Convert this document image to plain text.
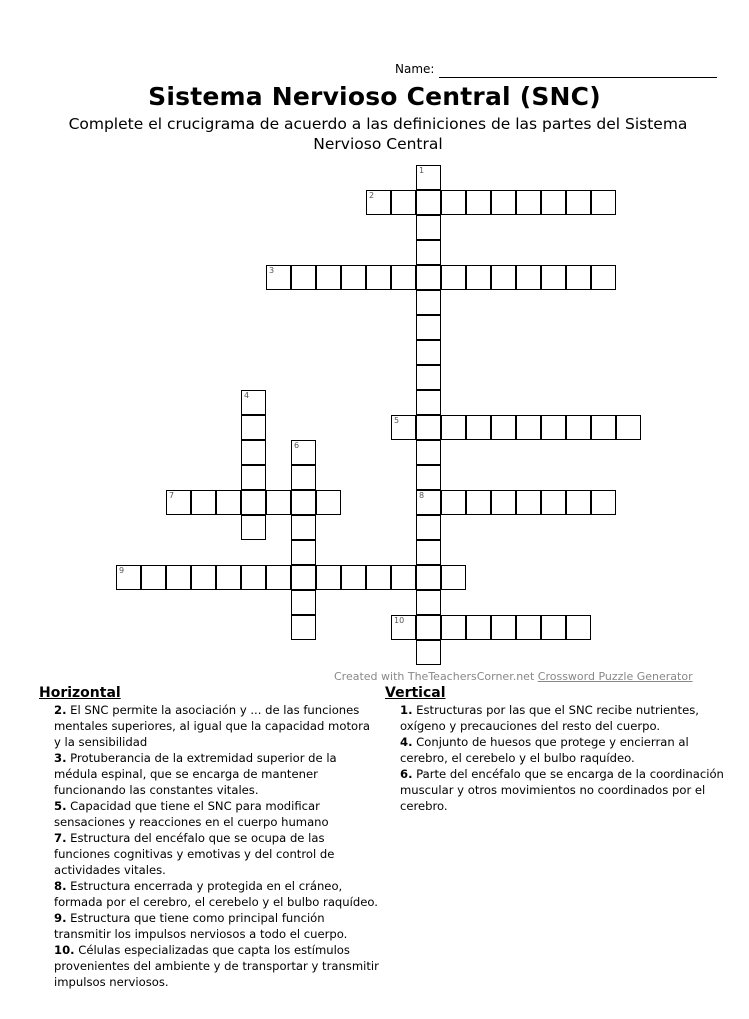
Name:
Sistema Nervioso Central (SNC)
Complete el crucigrama de acuerdo a las definiciones de las partes del Sistema Nervioso Central
1
8
2
3
4
5
6
7
9
10
Created with TheTeachersCorner.net Crossword Puzzle Generator
Horizontal
2. El SNC permite la asociación y ... de las funciones mentales superiores, al igual que la capacidad motora y la sensibilidad
3. Protuberancia de la extremidad superior de la médula espinal, que se encarga de mantener funcionando las constantes vitales.
5. Capacidad que tiene el SNC para modificar sensaciones y reacciones en el cuerpo humano
7. Estructura del encéfalo que se ocupa de las funciones cognitivas y emotivas y del control de actividades vitales.
8. Estructura encerrada y protegida en el cráneo, formada por el cerebro, el cerebelo y el bulbo raquídeo.
9. Estructura que tiene como principal función transmitir los impulsos nerviosos a todo el cuerpo.
10. Células especializadas que capta los estímulos provenientes del ambiente y de transportar y transmitir impulsos nerviosos.
Vertical
1. Estructuras por las que el SNC recibe nutrientes, oxígeno y precauciones del resto del cuerpo.
4. Conjunto de huesos que protege y encierran al cerebro, el cerebelo y el bulbo raquídeo.
6. Parte del encéfalo que se encarga de la coordinación muscular y otros movimientos no coordinados por el cerebro.
